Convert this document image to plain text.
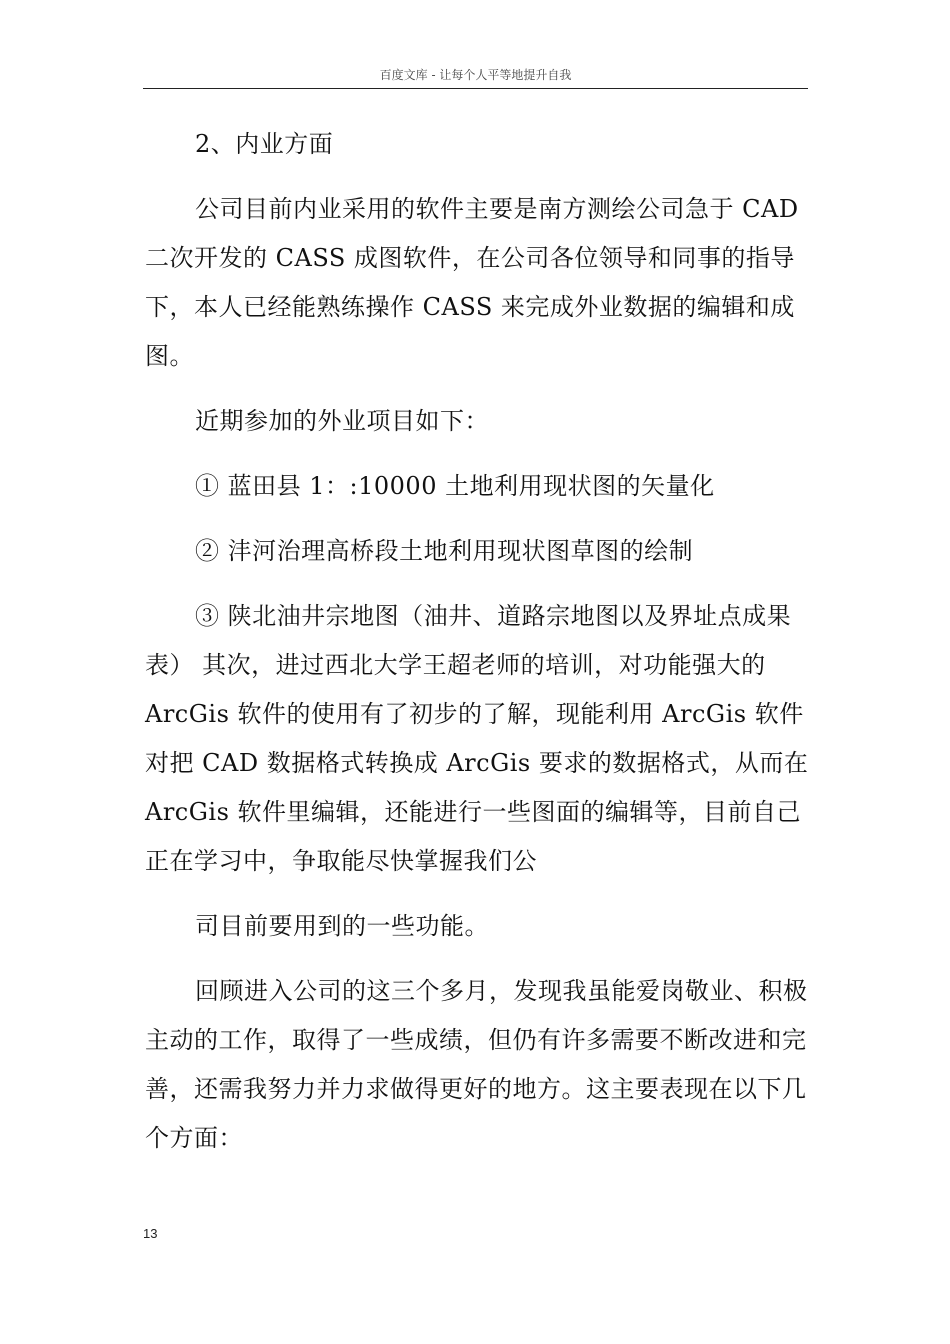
百度文库 - 让每个人平等地提升自我

2、内业方面

公司目前内业采用的软件主要是南方测绘公司急于 CAD 二次开发的 CASS 成图软件，在公司各位领导和同事的指导下，本人已经能熟练操作 CASS 来完成外业数据的编辑和成图。

近期参加的外业项目如下：

① 蓝田县 1：:10000 土地利用现状图的矢量化

② 沣河治理高桥段土地利用现状图草图的绘制

③ 陕北油井宗地图（油井、道路宗地图以及界址点成果表） 其次，进过西北大学王超老师的培训，对功能强大的 ArcGis 软件的使用有了初步的了解，现能利用 ArcGis 软件对把 CAD 数据格式转换成 ArcGis 要求的数据格式，从而在 ArcGis 软件里编辑，还能进行一些图面的编辑等，目前自己正在学习中，争取能尽快掌握我们公

司目前要用到的一些功能。

回顾进入公司的这三个多月，发现我虽能爱岗敬业、积极主动的工作，取得了一些成绩，但仍有许多需要不断改进和完善，还需我努力并力求做得更好的地方。这主要表现在以下几个方面：

13
